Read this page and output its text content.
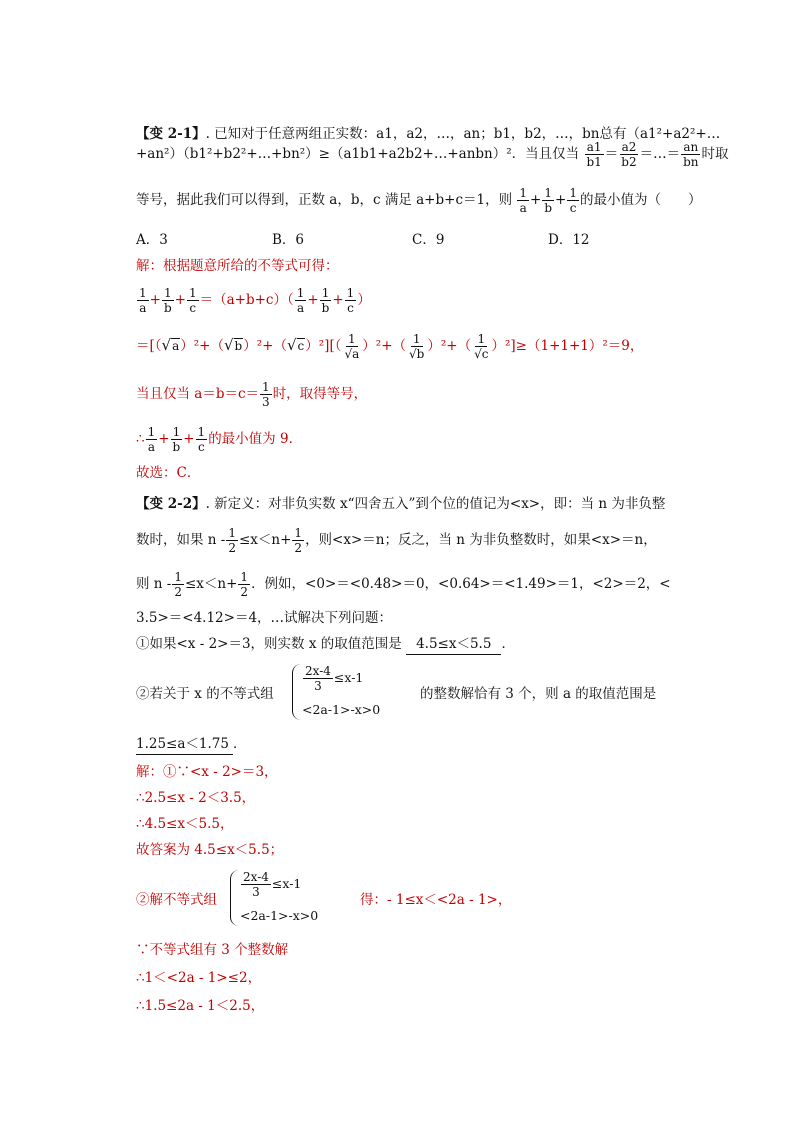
【变 2-1】. 已知对于任意两组正实数：a1，a2，…，an；b1，b2，…，bn总有（a1²+a2²+…
+an²）（b1²+b2²+…+bn²）≥（a1b1+a2b2+…+anbn）²．当且仅当 $\frac{a1}{b1} = \frac{a2}{b2}$ ＝…＝ $\frac{an}{bn}$ 时取
等号，据此我们可以得到，正数 a，b，c 满足 a+b+c＝1，则 $\frac{1}{a} + \frac{1}{b} + \frac{1}{c}$ 的最小值为（　　）
A．3	B．6	C．9	D．12
解：根据题意所给的不等式可得：
$\frac{1}{a} + \frac{1}{b} + \frac{1}{c} =(a+b+c)( \frac{1}{a} + \frac{1}{b} + \frac{1}{c}$ ）
$=[(√a)^2+(√b)^2+(√c)^2][( \frac{1}{√a} )^2+( \frac{1}{√b} )^2+( \frac{1}{√c} )^2]\ge(1+1+1)^2=9$，
当且仅当 $a=b=c= \frac{1}{3}$ 时，取得等号，
∴ $\frac{1}{a} + \frac{1}{b} + \frac{1}{c}$ 的最小值为 9．
故选：C．
【变 2-2】. 新定义：对非负实数 x“四舍五入”到个位的值记为<x>，即：当 n 为非负整
数时，如果 $n - \frac{1}{2} \le x<n+ \frac{1}{2}$ ，则<x>＝n；反之，当 n 为非负整数时，如果<x>＝n，
则 $n - \frac{1}{2} \le x<n+ \frac{1}{2}$ ．例如，<0>＝<0.48>＝0，<0.64>＝<1.49>＝1，<2>＝2，<
3.5>＝<4.12>＝4，…试解决下列问题：
①如果<x - 2>＝3，则实数 x 的取值范围是 4.5≤x＜5.5 ．
②若关于 x 的不等式组
$\frac{2x-4}{3} \le x-1$
<2a-1>-x>0
的整数解恰有 3 个，则 a 的取值范围是
1.25≤a＜1.75 ．
解：①∵<x - 2>＝3，
∴2.5≤x - 2＜3.5，
∴4.5≤x＜5.5，
故答案为 4.5≤x＜5.5；
②解不等式组
$\frac{2x-4}{3} \le x-1$
<2a-1>-x>0
得：- 1≤x＜<2a - 1>，
∵不等式组有 3 个整数解
∴1＜<2a - 1>≤2，
∴1.5≤2a - 1＜2.5，
